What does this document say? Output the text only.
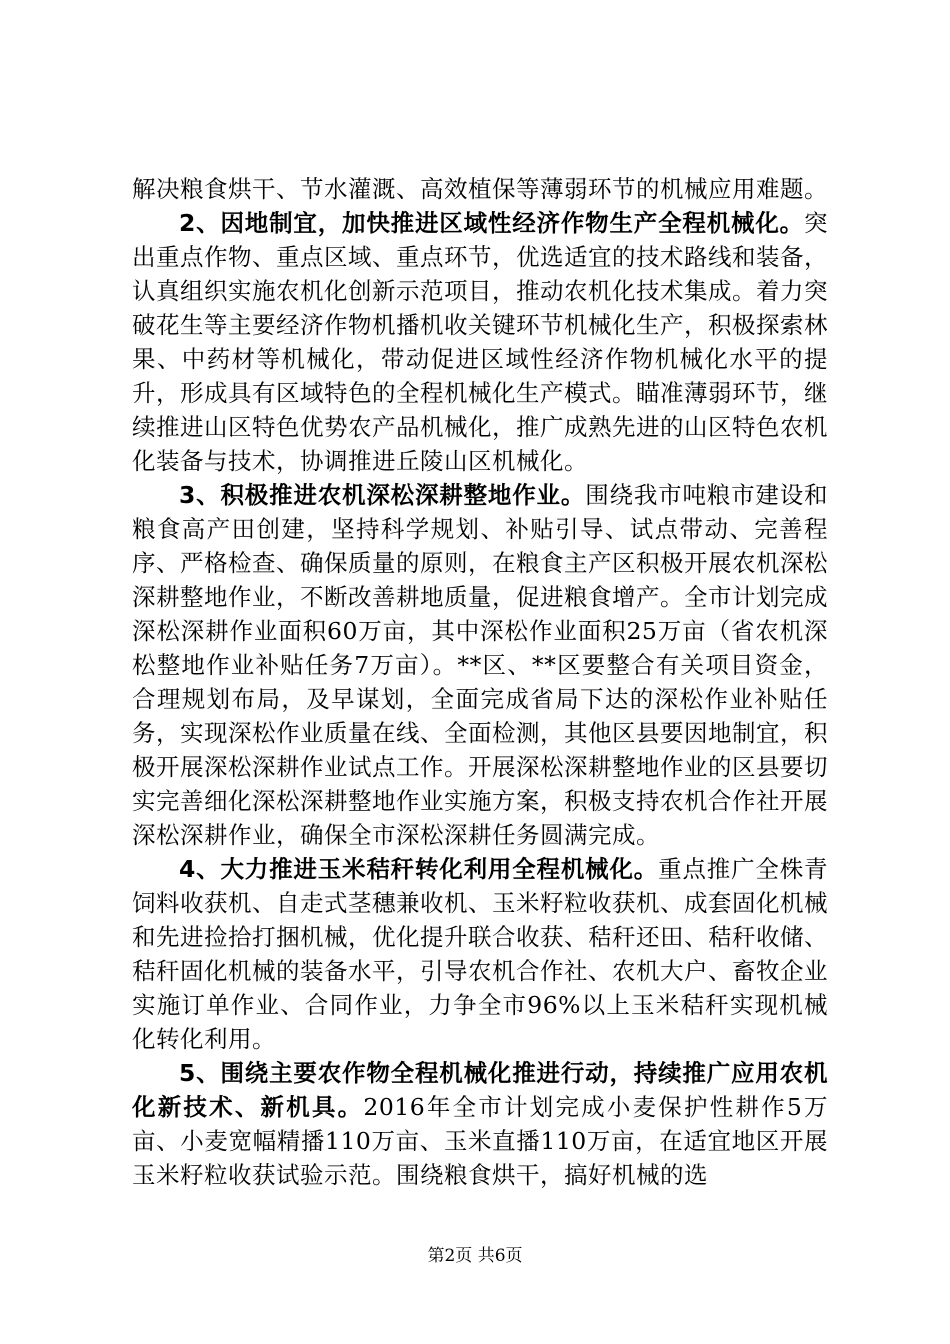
解决粮食烘干、节水灌溉、高效植保等薄弱环节的机械应用难题。

2、因地制宜，加快推进区域性经济作物生产全程机械化。突出重点作物、重点区域、重点环节，优选适宜的技术路线和装备，认真组织实施农机化创新示范项目，推动农机化技术集成。着力突破花生等主要经济作物机播机收关键环节机械化生产，积极探索林果、中药材等机械化，带动促进区域性经济作物机械化水平的提升，形成具有区域特色的全程机械化生产模式。瞄准薄弱环节，继续推进山区特色优势农产品机械化，推广成熟先进的山区特色农机化装备与技术，协调推进丘陵山区机械化。

3、积极推进农机深松深耕整地作业。围绕我市吨粮市建设和粮食高产田创建，坚持科学规划、补贴引导、试点带动、完善程序、严格检查、确保质量的原则，在粮食主产区积极开展农机深松深耕整地作业，不断改善耕地质量，促进粮食增产。全市计划完成深松深耕作业面积60万亩，其中深松作业面积25万亩（省农机深松整地作业补贴任务7万亩）。**区、**区要整合有关项目资金，合理规划布局，及早谋划，全面完成省局下达的深松作业补贴任务，实现深松作业质量在线、全面检测，其他区县要因地制宜，积极开展深松深耕作业试点工作。开展深松深耕整地作业的区县要切实完善细化深松深耕整地作业实施方案，积极支持农机合作社开展深松深耕作业，确保全市深松深耕任务圆满完成。

4、大力推进玉米秸秆转化利用全程机械化。重点推广全株青饲料收获机、自走式茎穗兼收机、玉米籽粒收获机、成套固化机械和先进捡拾打捆机械，优化提升联合收获、秸秆还田、秸秆收储、秸秆固化机械的装备水平，引导农机合作社、农机大户、畜牧企业实施订单作业、合同作业，力争全市96%以上玉米秸秆实现机械化转化利用。

5、围绕主要农作物全程机械化推进行动，持续推广应用农机化新技术、新机具。2016年全市计划完成小麦保护性耕作5万亩、小麦宽幅精播110万亩、玉米直播110万亩，在适宜地区开展玉米籽粒收获试验示范。围绕粮食烘干，搞好机械的选

第2页 共6页
